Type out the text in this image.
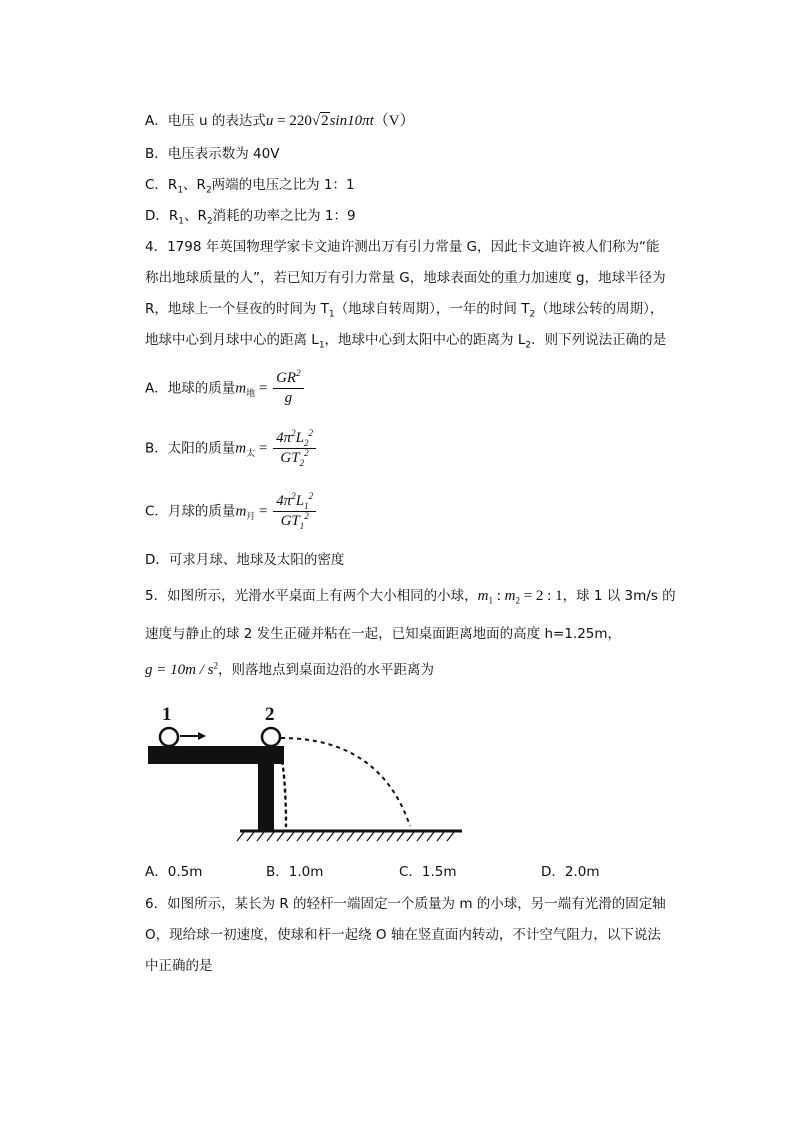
A．电压 u 的表达式u = 220√2sin10πt（V）
B．电压表示数为 40V
C．$R_1$、$R_2$两端的电压之比为 1：1
D．$R_1$、$R_2$消耗的功率之比为 1：9
4．1798 年英国物理学家卡文迪许测出万有引力常量 G，因此卡文迪许被人们称为“能
称出地球质量的人”，若已知万有引力常量 G，地球表面处的重力加速度 g，地球半径为
R，地球上一个昼夜的时间为 $T_1$（地球自转周期），一年的时间 $T_2$（地球公转的周期），
地球中心到月球中心的距离 $L_1$，地球中心到太阳中心的距离为 $L_2$．则下列说法正确的是
A．地球的质量$m_地 = \frac{GR^2}{g}$
B．太阳的质量$m_太 = \frac{4\pi^2L_2^2}{GT_2^2}$
C．月球的质量$m_月 = \frac{4\pi^2L_1^2}{GT_1^2}$
D．可求月球、地球及太阳的密度
5．如图所示，光滑水平桌面上有两个大小相同的小球，$m_1$ : $m_2 = 2$ : 1，球 1 以 3m/s 的
速度与静止的球 2 发生正碰并粘在一起，已知桌面距离地面的高度 h=1.25m，
$g = 10m / s^2$，则落地点到桌面边沿的水平距离为
1	2
A．0.5m	B．1.0m	C．1.5m	D．2.0m
6．如图所示，某长为 R 的轻杆一端固定一个质量为 m 的小球，另一端有光滑的固定轴
O，现给球一初速度，使球和杆一起绕 O 轴在竖直面内转动，不计空气阻力，以下说法
中正确的是
